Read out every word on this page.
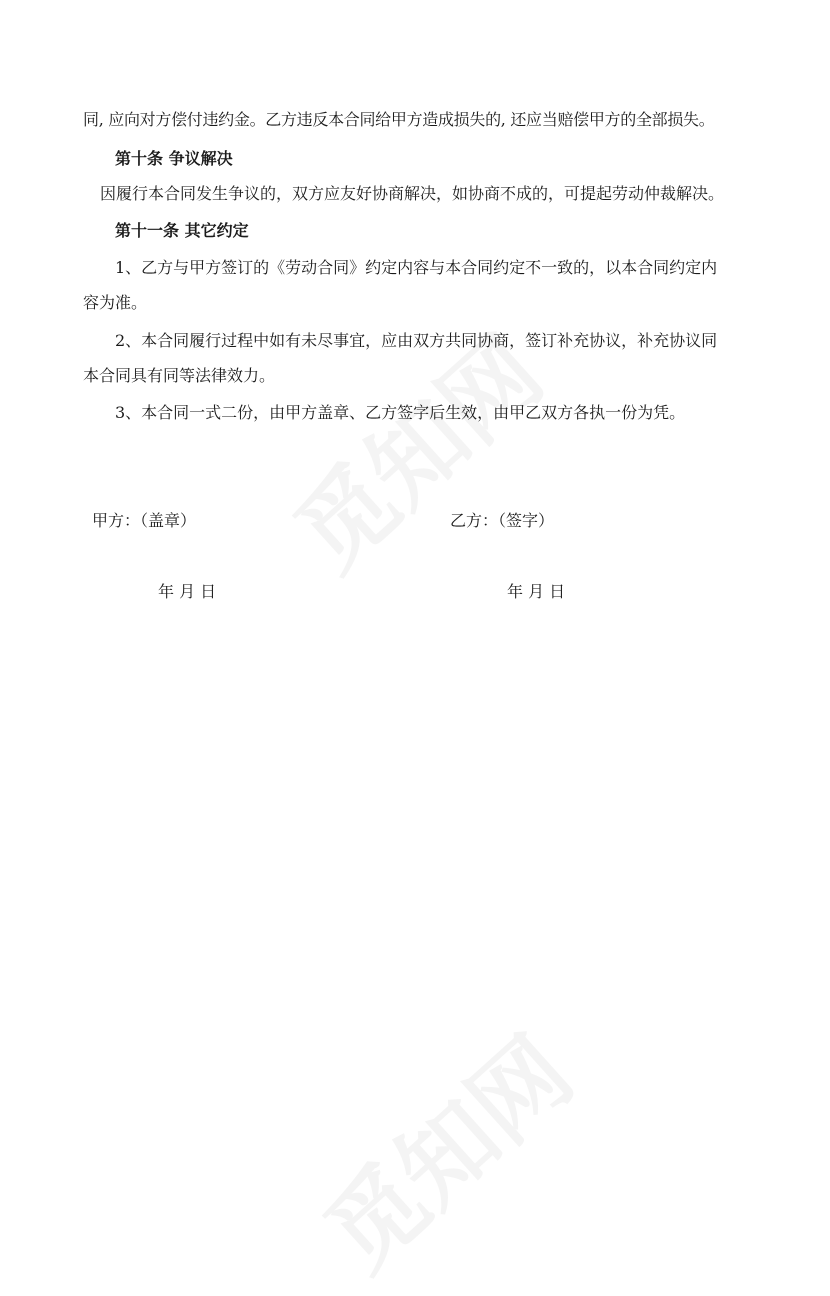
同, 应向对方偿付违约金。乙方违反本合同给甲方造成损失的, 还应当赔偿甲方的全部损失。
第十条 争议解决
因履行本合同发生争议的，双方应友好协商解决，如协商不成的，可提起劳动仲裁解决。
第十一条 其它约定
1、乙方与甲方签订的《劳动合同》约定内容与本合同约定不一致的，以本合同约定内
容为准。
2、本合同履行过程中如有未尽事宜，应由双方共同协商，签订补充协议，补充协议同
本合同具有同等法律效力。
3、本合同一式二份，由甲方盖章、乙方签字后生效，由甲乙双方各执一份为凭。
甲方：（盖章）	乙方：（签字）
年 月 日	年 月 日
